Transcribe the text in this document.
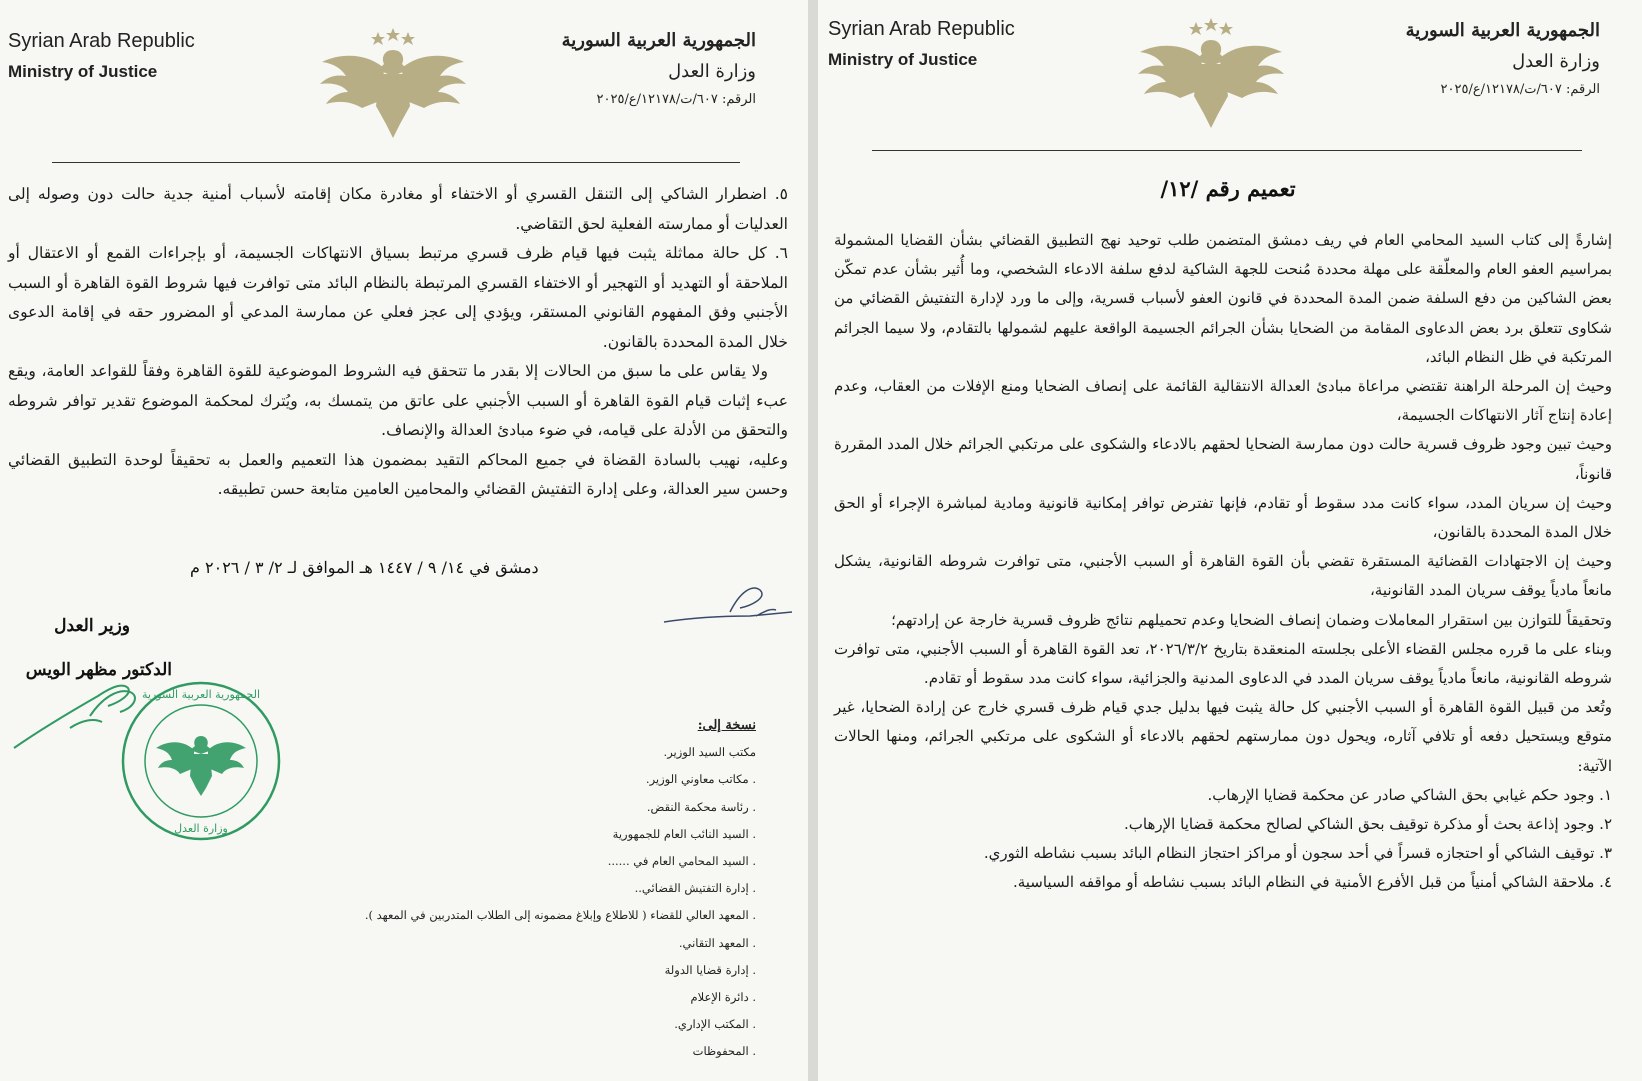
Syrian Arab Republic
Ministry of Justice
الجمهورية العربية السورية
وزارة العدل
الرقم: ٦٠٧/ت/١٢١٧٨/ع/٢٠٢٥

٥. اضطرار الشاكي إلى التنقل القسري أو الاختفاء أو مغادرة مكان إقامته لأسباب أمنية جدية حالت دون وصوله إلى العدليات أو ممارسته الفعلية لحق التقاضي.

٦. كل حالة مماثلة يثبت فيها قيام ظرف قسري مرتبط بسياق الانتهاكات الجسيمة، أو بإجراءات القمع أو الاعتقال أو الملاحقة أو التهديد أو التهجير أو الاختفاء القسري المرتبطة بالنظام البائد متى توافرت فيها شروط القوة القاهرة أو السبب الأجنبي وفق المفهوم القانوني المستقر، ويؤدي إلى عجز فعلي عن ممارسة المدعي أو المضرور حقه في إقامة الدعوى خلال المدة المحددة بالقانون.

ولا يقاس على ما سبق من الحالات إلا بقدر ما تتحقق فيه الشروط الموضوعية للقوة القاهرة وفقاً للقواعد العامة، ويقع عبء إثبات قيام القوة القاهرة أو السبب الأجنبي على عاتق من يتمسك به، ويُترك لمحكمة الموضوع تقدير توافر شروطه والتحقق من الأدلة على قيامه، في ضوء مبادئ العدالة والإنصاف.

وعليه، نهيب بالسادة القضاة في جميع المحاكم التقيد بمضمون هذا التعميم والعمل به تحقيقاً لوحدة التطبيق القضائي وحسن سير العدالة، وعلى إدارة التفتيش القضائي والمحامين العامين متابعة حسن تطبيقه.

دمشق في ١٤/ ٩ / ١٤٤٧ هـ الموافق لـ ٢/ ٣ / ٢٠٢٦ م
وزير العدل
الدكتور مظهر الويس
الجمهورية العربية السورية
وزارة العدل
نسخة إلى:
مكتب السيد الوزير.
. مكاتب معاوني الوزير.
. رئاسة محكمة النقض.
. السيد النائب العام للجمهورية
. السيد المحامي العام في ......
. إدارة التفتيش القضائي..
. المعهد العالي للقضاء ( للاطلاع وإبلاغ مضمونه إلى الطلاب المتدربين في المعهد ).
. المعهد التقاني.
. إدارة قضايا الدولة
. دائرة الإعلام
. المكتب الإداري.
. المحفوظات
Syrian Arab Republic
Ministry of Justice
الجمهورية العربية السورية
وزارة العدل
الرقم: ٦٠٧/ت/١٢١٧٨/ع/٢٠٢٥
تعميم رقم /١٢/

إشارةً إلى كتاب السيد المحامي العام في ريف دمشق المتضمن طلب توحيد نهج التطبيق القضائي بشأن القضايا المشمولة بمراسيم العفو العام والمعلّقة على مهلة محددة مُنحت للجهة الشاكية لدفع سلفة الادعاء الشخصي، وما أُثير بشأن عدم تمكّن بعض الشاكين من دفع السلفة ضمن المدة المحددة في قانون العفو لأسباب قسرية، وإلى ما ورد لإدارة التفتيش القضائي من شكاوى تتعلق برد بعض الدعاوى المقامة من الضحايا بشأن الجرائم الجسيمة الواقعة عليهم لشمولها بالتقادم، ولا سيما الجرائم المرتكبة في ظل النظام البائد،

وحيث إن المرحلة الراهنة تقتضي مراعاة مبادئ العدالة الانتقالية القائمة على إنصاف الضحايا ومنع الإفلات من العقاب، وعدم إعادة إنتاج آثار الانتهاكات الجسيمة،

وحيث تبين وجود ظروف قسرية حالت دون ممارسة الضحايا لحقهم بالادعاء والشكوى على مرتكبي الجرائم خلال المدد المقررة قانوناً،

وحيث إن سريان المدد، سواء كانت مدد سقوط أو تقادم، فإنها تفترض توافر إمكانية قانونية ومادية لمباشرة الإجراء أو الحق خلال المدة المحددة بالقانون،

وحيث إن الاجتهادات القضائية المستقرة تقضي بأن القوة القاهرة أو السبب الأجنبي، متى توافرت شروطه القانونية، يشكل مانعاً مادياً يوقف سريان المدد القانونية،

وتحقيقاً للتوازن بين استقرار المعاملات وضمان إنصاف الضحايا وعدم تحميلهم نتائج ظروف قسرية خارجة عن إرادتهم؛

وبناء على ما قرره مجلس القضاء الأعلى بجلسته المنعقدة بتاريخ ٢٠٢٦/٣/٢، تعد القوة القاهرة أو السبب الأجنبي، متى توافرت شروطه القانونية، مانعاً مادياً يوقف سريان المدد في الدعاوى المدنية والجزائية، سواء كانت مدد سقوط أو تقادم.

وتُعد من قبيل القوة القاهرة أو السبب الأجنبي كل حالة يثبت فيها بدليل جدي قيام ظرف قسري خارج عن إرادة الضحايا، غير متوقع ويستحيل دفعه أو تلافي آثاره، ويحول دون ممارستهم لحقهم بالادعاء أو الشكوى على مرتكبي الجرائم، ومنها الحالات الآتية:

١. وجود حكم غيابي بحق الشاكي صادر عن محكمة قضايا الإرهاب.

٢. وجود إذاعة بحث أو مذكرة توقيف بحق الشاكي لصالح محكمة قضايا الإرهاب.

٣. توقيف الشاكي أو احتجازه قسراً في أحد سجون أو مراكز احتجاز النظام البائد بسبب نشاطه الثوري.

٤. ملاحقة الشاكي أمنياً من قبل الأفرع الأمنية في النظام البائد بسبب نشاطه أو مواقفه السياسية.
